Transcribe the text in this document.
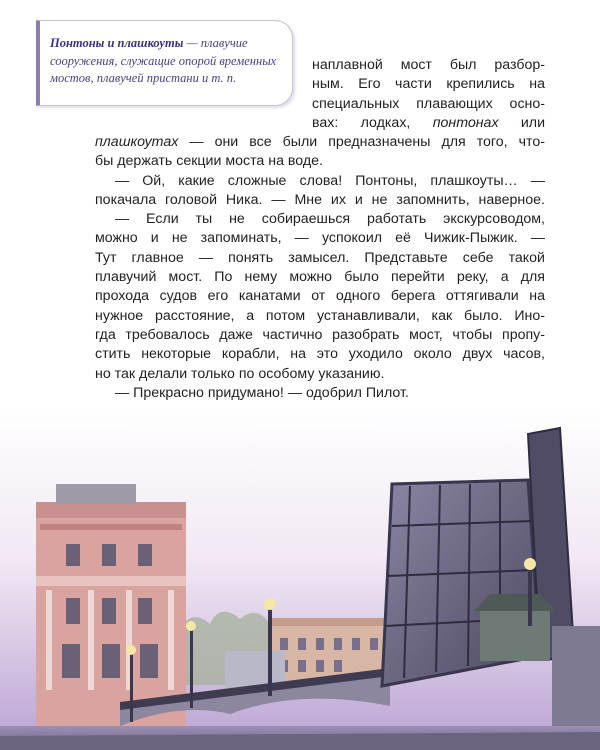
Понтоны и плашкоуты — плавучие сооружения, служащие опорой временных мостов, плавучей пристани и т. п.
наплавной мост был разбор-
ным. Его части крепились на
специальных плавающих осно-
вах: лодках, понтонах или
плашкоутах — они все были предназначены для того, что-
бы держать секции моста на воде.
— Ой, какие сложные слова! Понтоны, плашкоуты… —
покачала головой Ника. — Мне их и не запомнить, наверное.
— Если ты не собираешься работать экскурсоводом,
можно и не запоминать, — успокоил её Чижик-Пыжик. —
Тут главное — понять замысел. Представьте себе такой
плавучий мост. По нему можно было перейти реку, а для
прохода судов его канатами от одного берега оттягивали на
нужное расстояние, а потом устанавливали, как было. Ино-
гда требовалось даже частично разобрать мост, чтобы пропу-
стить некоторые корабли, на это уходило около двух часов,
но так делали только по особому указанию.
— Прекрасно придумано! — одобрил Пилот.
